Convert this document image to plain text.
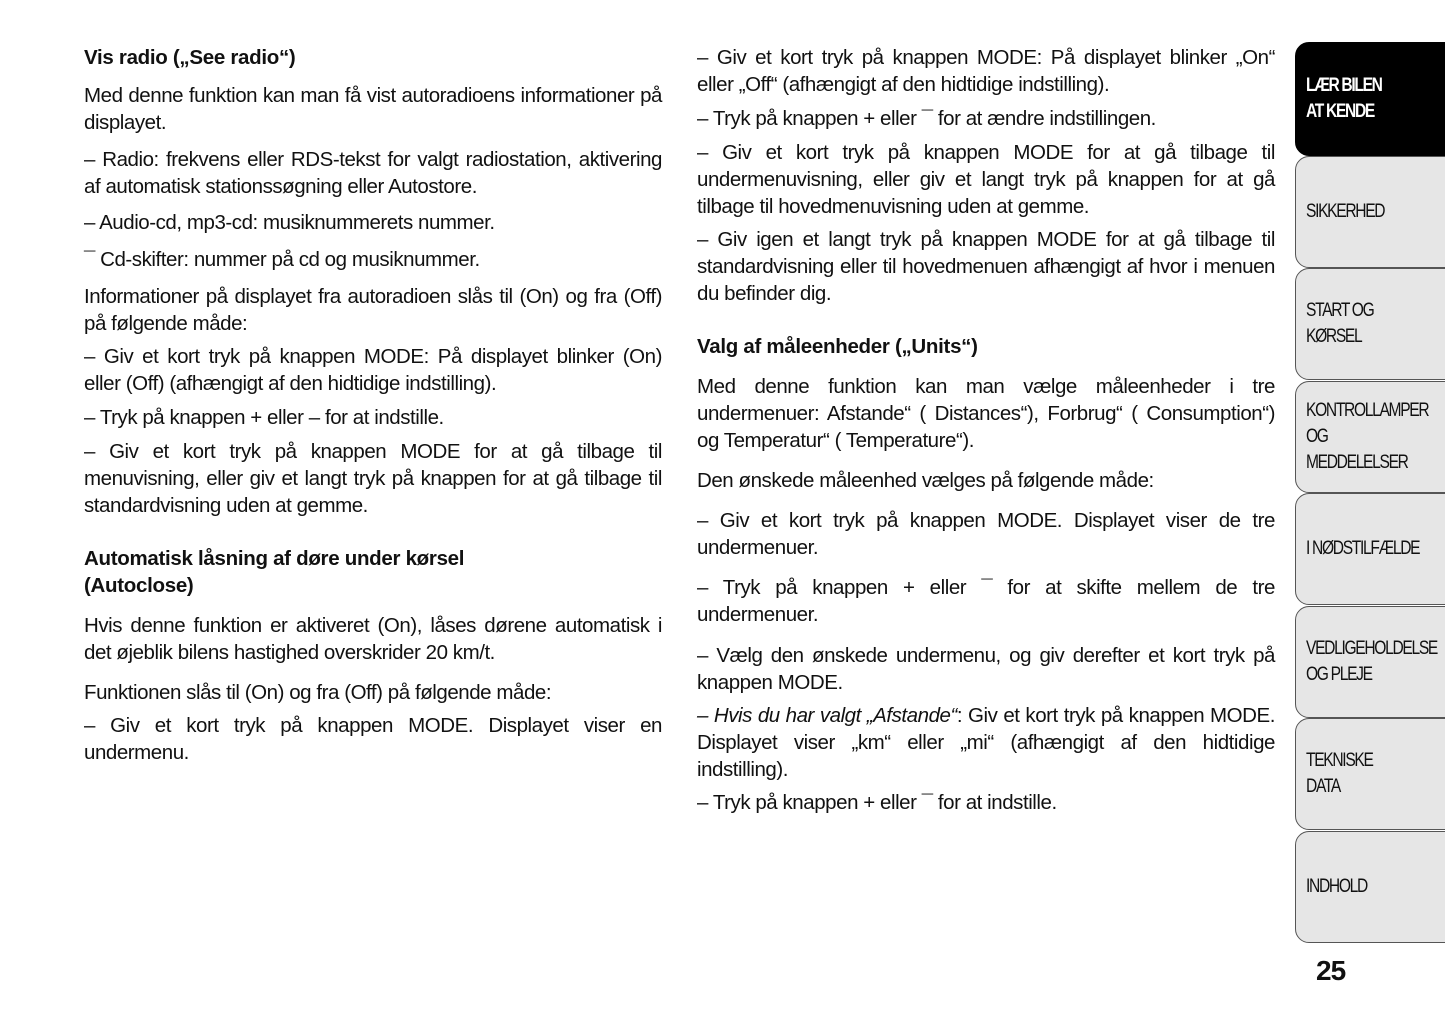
Vis radio („See radio“)

Med denne funktion kan man få vist autoradioens informationer på displayet.

– Radio: frekvens eller RDS-tekst for valgt radiostation, aktivering af automatisk stationssøgning eller Autostore.

– Audio-cd, mp3-cd: musiknummerets nummer.

¯ Cd-skifter: nummer på cd og musiknummer.

Informationer på displayet fra autoradioen slås til (On) og fra (Off) på følgende måde:

– Giv et kort tryk på knappen MODE: På displayet blinker (On) eller (Off) (afhængigt af den hidtidige indstilling).

– Tryk på knappen + eller – for at indstille.

– Giv et kort tryk på knappen MODE for at gå tilbage til menuvisning, eller giv et langt tryk på knappen for at gå tilbage til standardvisning uden at gemme.

Automatisk låsning af døre under kørsel (Autoclose)

Hvis denne funktion er aktiveret (On), låses dørene automatisk i det øjeblik bilens hastighed overskrider 20 km/t.

Funktionen slås til (On) og fra (Off) på følgende måde:

– Giv et kort tryk på knappen MODE. Displayet viser en undermenu.

– Giv et kort tryk på knappen MODE: På displayet blinker „On“ eller „Off“ (afhængigt af den hidtidige indstilling).

– Tryk på knappen + eller ¯ for at ændre indstillingen.

– Giv et kort tryk på knappen MODE for at gå tilbage til undermenuvisning, eller giv et langt tryk på knappen for at gå tilbage til hovedmenuvisning uden at gemme.

– Giv igen et langt tryk på knappen MODE for at gå tilbage til standardvisning eller til hovedmenuen afhængigt af hvor i menuen du befinder dig.

Valg af måleenheder („Units“)

Med denne funktion kan man vælge måleenheder i tre undermenuer: Afstande“ ( Distances“), Forbrug“ ( Consumption“) og Temperatur“ ( Temperature“).

Den ønskede måleenhed vælges på følgende måde:

– Giv et kort tryk på knappen MODE. Displayet viser de tre undermenuer.

– Tryk på knappen + eller ¯ for at skifte mellem de tre undermenuer.

– Vælg den ønskede undermenu, og giv derefter et kort tryk på knappen MODE.

– Hvis du har valgt „Afstande“: Giv et kort tryk på knappen MODE. Displayet viser „km“ eller „mi“ (afhængigt af den hidtidige indstilling).

– Tryk på knappen + eller ¯ for at indstille.

LÆR BILEN
AT KENDE
SIKKERHED
START OG
KØRSEL
KONTROLLAMPER
OG MEDDELELSER
I NØDSTILFÆLDE
VEDLIGEHOLDELSE
OG PLEJE
TEKNISKE
DATA
INDHOLD
25
